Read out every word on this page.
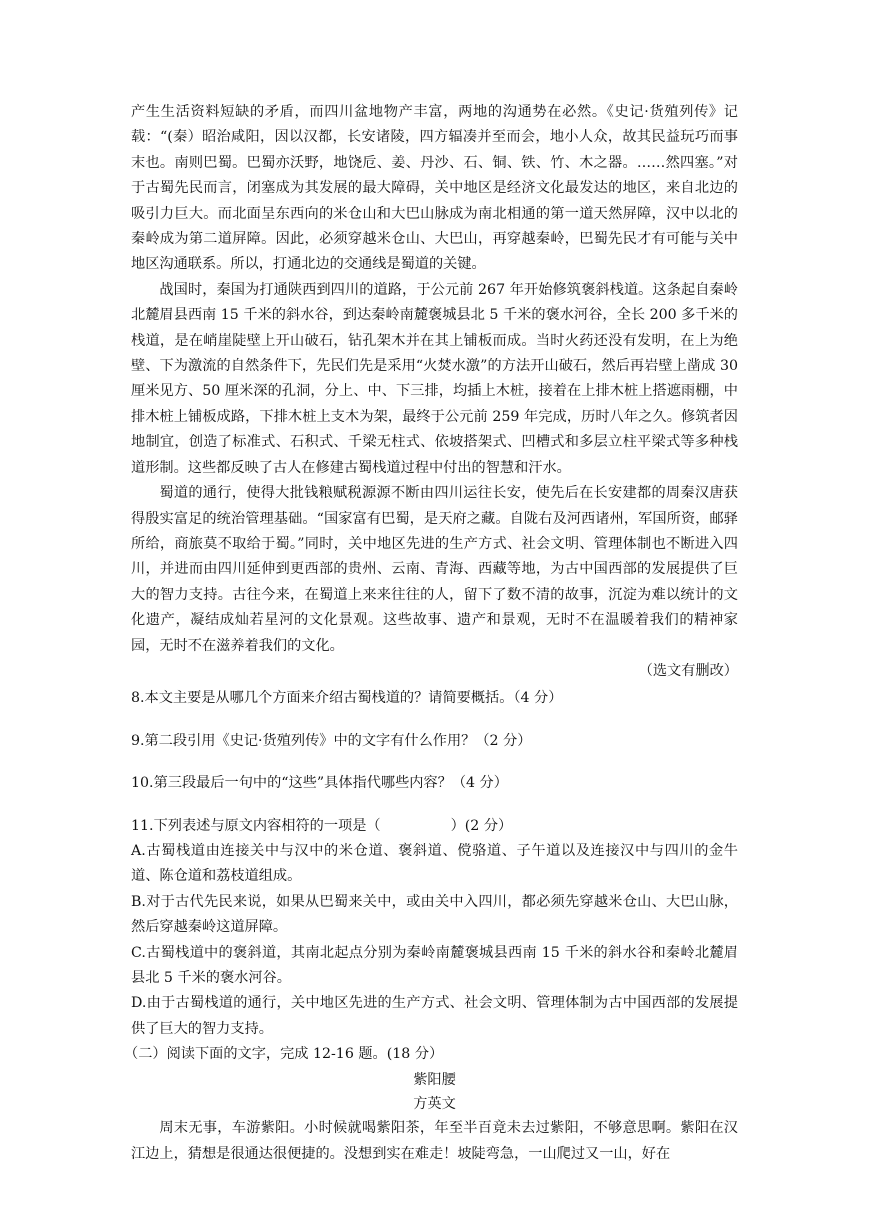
产生生活资料短缺的矛盾，而四川盆地物产丰富，两地的沟通势在必然。《史记·货殖列传》记载：“(秦）昭治咸阳，因以汉都，长安诸陵，四方辐凑并至而会，地小人众，故其民益玩巧而事末也。南则巴蜀。巴蜀亦沃野，地饶卮、姜、丹沙、石、铜、铁、竹、木之器。……然四塞。”对于古蜀先民而言，闭塞成为其发展的最大障碍，关中地区是经济文化最发达的地区，来自北边的吸引力巨大。而北面呈东西向的米仓山和大巴山脉成为南北相通的第一道天然屏障，汉中以北的秦岭成为第二道屏障。因此，必须穿越米仓山、大巴山，再穿越秦岭，巴蜀先民才有可能与关中地区沟通联系。所以，打通北边的交通线是蜀道的关键。

战国时，秦国为打通陕西到四川的道路，于公元前 267 年开始修筑褒斜栈道。这条起自秦岭北麓眉县西南 15 千米的斜水谷，到达秦岭南麓褒城县北 5 千米的褒水河谷，全长 200 多千米的栈道，是在峭崖陡壁上开山破石，钻孔架木并在其上铺板而成。当时火药还没有发明，在上为绝壁、下为激流的自然条件下，先民们先是采用“火焚水激”的方法开山破石，然后再岩壁上凿成 30 厘米见方、50 厘米深的孔洞，分上、中、下三排，均插上木桩，接着在上排木桩上搭遮雨棚，中排木桩上铺板成路，下排木桩上支木为架，最终于公元前 259 年完成，历时八年之久。修筑者因地制宜，创造了标准式、石积式、千梁无柱式、依坡搭架式、凹槽式和多层立柱平梁式等多种栈道形制。这些都反映了古人在修建古蜀栈道过程中付出的智慧和汗水。

蜀道的通行，使得大批钱粮赋税源源不断由四川运往长安，使先后在长安建都的周秦汉唐获得殷实富足的统治管理基础。“国家富有巴蜀，是天府之藏。自陇右及河西诸州，军国所资，邮驿所给，商旅莫不取给于蜀。”同时，关中地区先进的生产方式、社会文明、管理体制也不断进入四川，并进而由四川延伸到更西部的贵州、云南、青海、西藏等地，为古中国西部的发展提供了巨大的智力支持。古往今来，在蜀道上来来往往的人，留下了数不清的故事，沉淀为难以统计的文化遗产，凝结成灿若星河的文化景观。这些故事、遗产和景观，无时不在温暖着我们的精神家园，无时不在滋养着我们的文化。

（选文有删改）

8.本文主要是从哪几个方面来介绍古蜀栈道的？请简要概括。（4 分）

9.第二段引用《史记·货殖列传》中的文字有什么作用？（2 分）

10.第三段最后一句中的“这些”具体指代哪些内容？（4 分）

11.下列表述与原文内容相符的一项是（	）(2 分）

A.古蜀栈道由连接关中与汉中的米仓道、褒斜道、傥骆道、子午道以及连接汉中与四川的金牛道、陈仓道和荔枝道组成。

B.对于古代先民来说，如果从巴蜀来关中，或由关中入四川，都必须先穿越米仓山、大巴山脉，然后穿越秦岭这道屏障。

C.古蜀栈道中的褒斜道，其南北起点分别为秦岭南麓褒城县西南 15 千米的斜水谷和秦岭北麓眉县北 5 千米的褒水河谷。

D.由于古蜀栈道的通行，关中地区先进的生产方式、社会文明、管理体制为古中国西部的发展提供了巨大的智力支持。

（二）阅读下面的文字，完成 12-16 题。(18 分）

紫阳腰

方英文

周末无事，车游紫阳。小时候就喝紫阳茶，年至半百竟未去过紫阳，不够意思啊。紫阳在汉江边上，猜想是很通达很便捷的。没想到实在难走！坡陡弯急，一山爬过又一山，好在
